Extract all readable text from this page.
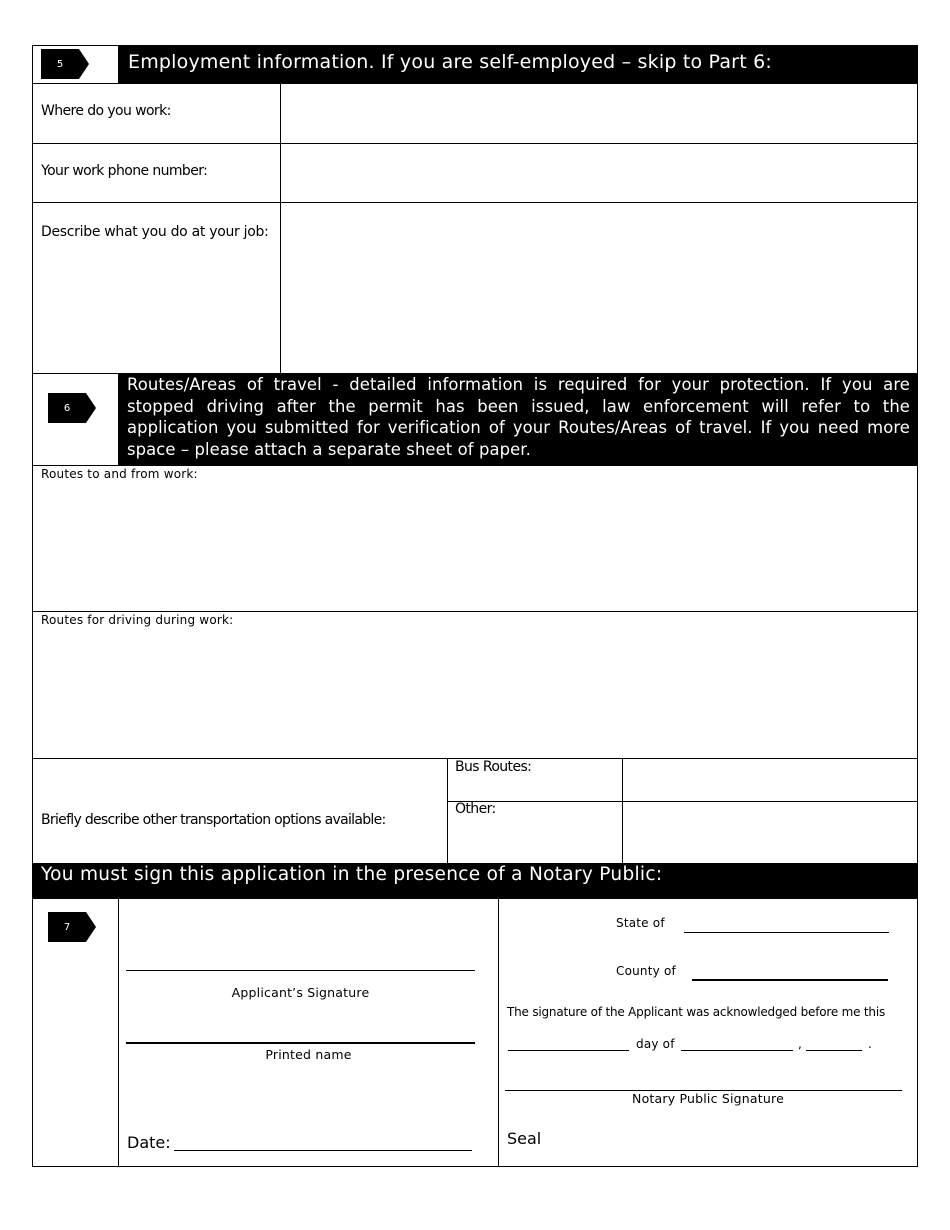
5	Employment information. If you are self-employed – skip to Part 6:
Where do you work:
Your work phone number:
Describe what you do at your job:
6
Routes/Areas of travel - detailed information is required for your protection. If you are stopped driving after the permit has been issued, law enforcement will refer to the application you submitted for verification of your Routes/Areas of travel. If you need more space – please attach a separate sheet of paper.
Routes to and from work:
Routes for driving during work:
Briefly describe other transportation options available:
Bus Routes:
Other:
You must sign this application in the presence of a Notary Public:
7
Applicant’s Signature
Printed name
Date:
State of
County of
The signature of the Applicant was acknowledged before me this
day of	,	.
Notary Public Signature
Seal
